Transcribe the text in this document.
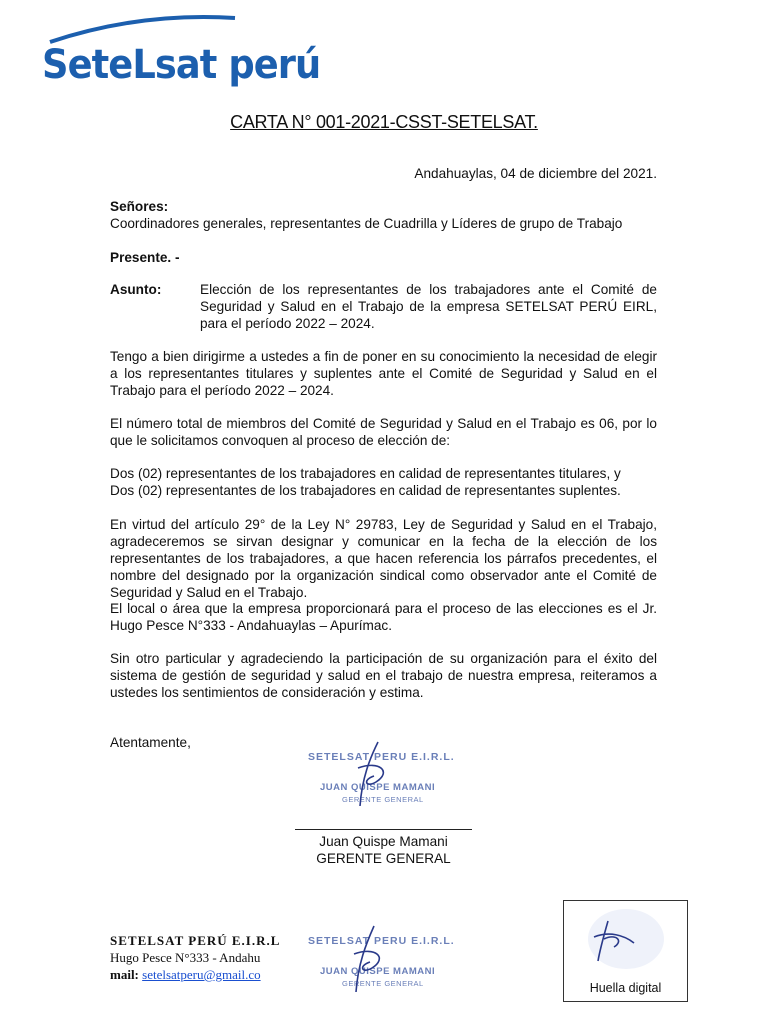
SeteLsat perú
CARTA N° 001-2021-CSST-SETELSAT.
Andahuaylas, 04 de diciembre del 2021.
Señores:
Coordinadores generales, representantes de Cuadrilla y Líderes de grupo de Trabajo
Presente. -
Asunto:	Elección de los representantes de los trabajadores ante el Comité de Seguridad y Salud en el Trabajo de la empresa SETELSAT PERÚ EIRL, para el período 2022 – 2024.
Tengo a bien dirigirme a ustedes a fin de poner en su conocimiento la necesidad de elegir a los representantes titulares y suplentes ante el Comité de Seguridad y Salud en el Trabajo para el período 2022 – 2024.
El número total de miembros del Comité de Seguridad y Salud en el Trabajo es 06, por lo que le solicitamos convoquen al proceso de elección de:
Dos (02) representantes de los trabajadores en calidad de representantes titulares, y
Dos (02) representantes de los trabajadores en calidad de representantes suplentes.
En virtud del artículo 29° de la Ley N° 29783, Ley de Seguridad y Salud en el Trabajo, agradeceremos se sirvan designar y comunicar en la fecha de la elección de los representantes de los trabajadores, a que hacen referencia los párrafos precedentes, el nombre del designado por la organización sindical como observador ante el Comité de Seguridad y Salud en el Trabajo.
El local o área que la empresa proporcionará para el proceso de las elecciones es el Jr. Hugo Pesce N°333 - Andahuaylas – Apurímac.
Sin otro particular y agradeciendo la participación de su organización para el éxito del sistema de gestión de seguridad y salud en el trabajo de nuestra empresa, reiteramos a ustedes los sentimientos de consideración y estima.
Atentamente,
SETELSAT PERU E.I.R.L.
JUAN QUISPE MAMANI
GERENTE GENERAL
Juan Quispe Mamani
GERENTE GENERAL
SETELSAT PERÚ E.I.R.L
Hugo Pesce N°333 - Andahu
mail: setelsatperu@gmail.co
SETELSAT PERU E.I.R.L.
JUAN QUISPE MAMANI
GERENTE GENERAL	Huella digital
